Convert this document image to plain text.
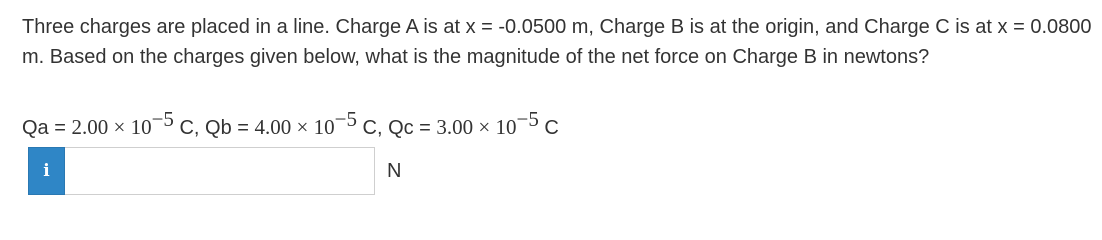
Three charges are placed in a line. Charge A is at x = -0.0500 m, Charge B is at the origin, and Charge C is at x = 0.0800 m. Based on the charges given below, what is the magnitude of the net force on Charge B in newtons?

$Qa = 2.00 \times 10^{-5}$ C, $Qb = 4.00 \times 10^{-5}$ C, $Qc = 3.00 \times 10^{-5}$ C
i	N
